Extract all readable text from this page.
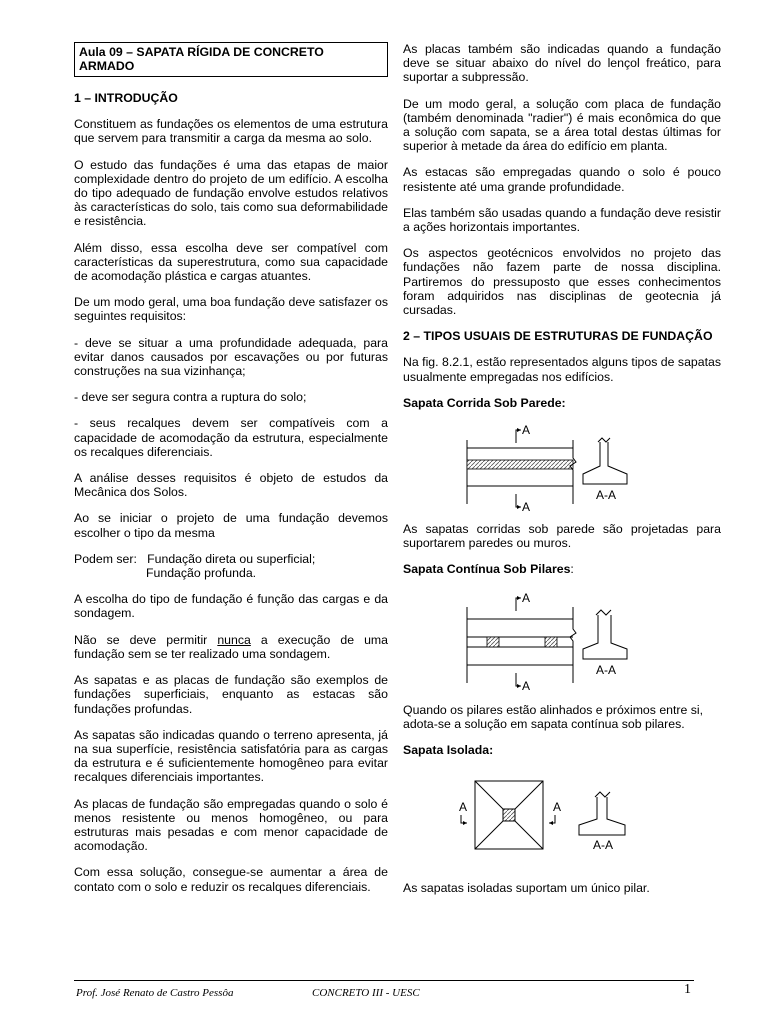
Aula 09 – SAPATA RÍGIDA DE CONCRETO
ARMADO
1 – INTRODUÇÃO

Constituem as fundações os elementos de uma estrutura que servem para transmitir a carga da mesma ao solo.

O estudo das fundações é uma das etapas de maior complexidade dentro do projeto de um edifício. A escolha do tipo adequado de fundação envolve estudos relativos às características do solo, tais como sua deformabilidade e resistência.

Além disso, essa escolha deve ser compatível com características da superestrutura, como sua capacidade de acomodação plástica e cargas atuantes.

De um modo geral, uma boa fundação deve satisfazer os seguintes requisitos:

- deve se situar a uma profundidade adequada, para evitar danos causados por escavações ou por futuras construções na sua vizinhança;

- deve ser segura contra a ruptura do solo;

- seus recalques devem ser compatíveis com a capacidade de acomodação da estrutura, especialmente os recalques diferenciais.

A análise desses requisitos é objeto de estudos da Mecânica dos Solos.

Ao se iniciar o projeto de uma fundação devemos escolher o tipo da mesma

Podem ser:   Fundação direta ou superficial;
Fundação profunda.

A escolha do tipo de fundação é função das cargas e da sondagem.

Não se deve permitir nunca a execução de uma fundação sem se ter realizado uma sondagem.

As sapatas e as placas de fundação são exemplos de fundações superficiais, enquanto as estacas são fundações profundas.

As sapatas são indicadas quando o terreno apresenta, já na sua superfície, resistência satisfatória para as cargas da estrutura e é suficientemente homogêneo para evitar recalques diferenciais importantes.

As placas de fundação são empregadas quando o solo é menos resistente ou menos homogêneo, ou para estruturas mais pesadas e com menor capacidade de acomodação.

Com essa solução, consegue-se aumentar a área de contato com o solo e reduzir os recalques diferenciais.

As placas também são indicadas quando a fundação deve se situar abaixo do nível do lençol freático, para suportar a subpressão.

De um modo geral, a solução com placa de fundação (também denominada "radier") é mais econômica do que a solução com sapata, se a área total destas últimas for superior à metade da área do edifício em planta.

As estacas são empregadas quando o solo é pouco resistente até uma grande profundidade.

Elas também são usadas quando a fundação deve resistir a ações horizontais importantes.

Os aspectos geotécnicos envolvidos no projeto das fundações não fazem parte de nossa disciplina. Partiremos do pressuposto que esses conhecimentos foram adquiridos nas disciplinas de geotecnia já cursadas.

2 – TIPOS USUAIS DE ESTRUTURAS DE FUNDAÇÃO

Na fig. 8.2.1, estão representados alguns tipos de sapatas usualmente empregadas nos edifícios.

Sapata Corrida Sob Parede:
A
A
A-A

As sapatas corridas sob parede são projetadas para suportarem paredes ou muros.

Sapata Contínua Sob Pilares:
A
A
A-A

Quando os pilares estão alinhados e próximos entre si, adota-se a solução em sapata contínua sob pilares.

Sapata Isolada:
A	A
A-A

As sapatas isoladas suportam um único pilar.

Prof. José Renato de Castro Pessôa	CONCRETO III - UESC	1
